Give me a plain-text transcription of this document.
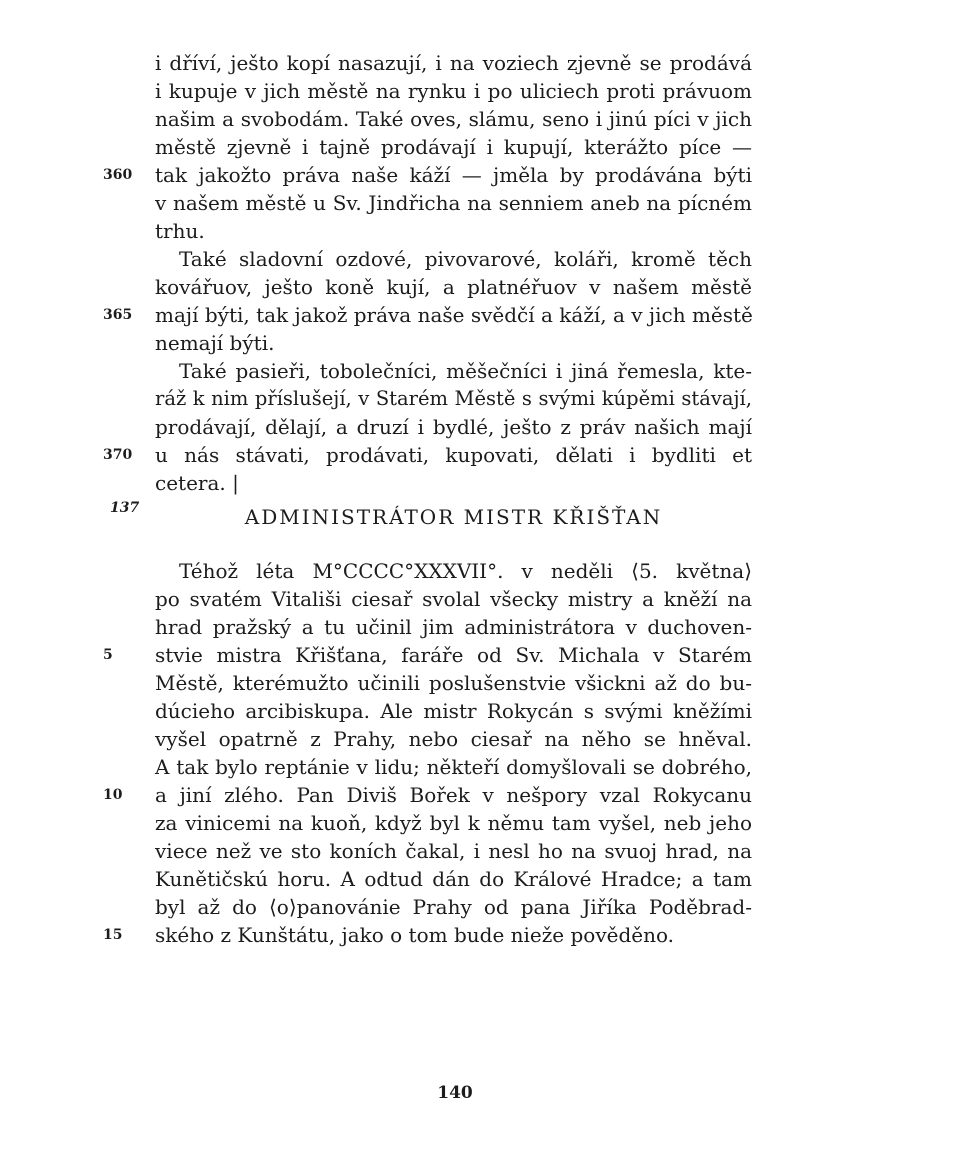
i dříví, ješto kopí nasazují, i na voziech zjevně se prodává
i kupuje v jich městě na rynku i po uliciech proti právuom
našim a svobodám. Také oves, slámu, seno i jinú píci v jich
městě zjevně i tajně prodávají i kupují, kterážto píce —
tak jakožto práva naše káží — jměla by prodávána býti
v našem městě u Sv. Jindřicha na senniem aneb na pícném
trhu.
Také sladovní ozdové, pivovarové, koláři, kromě těch
kovářuov, ješto koně kují, a platnéřuov v našem městě
mají býti, tak jakož práva naše svědčí a káží, a v jich městě
nemají býti.
Také pasieři, tobolečníci, měšečníci i jiná řemesla, kte-
ráž k nim příslušejí, v Starém Městě s svými kúpěmi stávají,
prodávají, dělají, a druzí i bydlé, ješto z práv našich mají
u nás stávati, prodávati, kupovati, dělati i bydliti et
cetera. |
360
365
370
137	ADMINISTRÁTOR MISTR KŘIŠŤAN
Téhož léta M°CCCC°XXXVII°. v neděli ⟨5. května⟩
po svatém Vitališi ciesař svolal všecky mistry a kněží na
hrad pražský a tu učinil jim administrátora v duchoven-
stvie mistra Křišťana, faráře od Sv. Michala v Starém
Městě, kterémužto učinili poslušenstvie všickni až do bu-
dúcieho arcibiskupa. Ale mistr Rokycán s svými kněžími
vyšel opatrně z Prahy, nebo ciesař na něho se hněval.
A tak bylo reptánie v lidu; někteří domyšlovali se dobrého,
a jiní zlého. Pan Diviš Bořek v nešpory vzal Rokycanu
za vinicemi na kuoň, když byl k němu tam vyšel, neb jeho
viece než ve sto koních čakal, i nesl ho na svuoj hrad, na
Kunětičskú horu. A odtud dán do Králové Hradce; a tam
byl až do ⟨o⟩panovánie Prahy od pana Jiříka Poděbrad-
ského z Kunštátu, jako o tom bude nieže pověděno.
5
10
15
140
